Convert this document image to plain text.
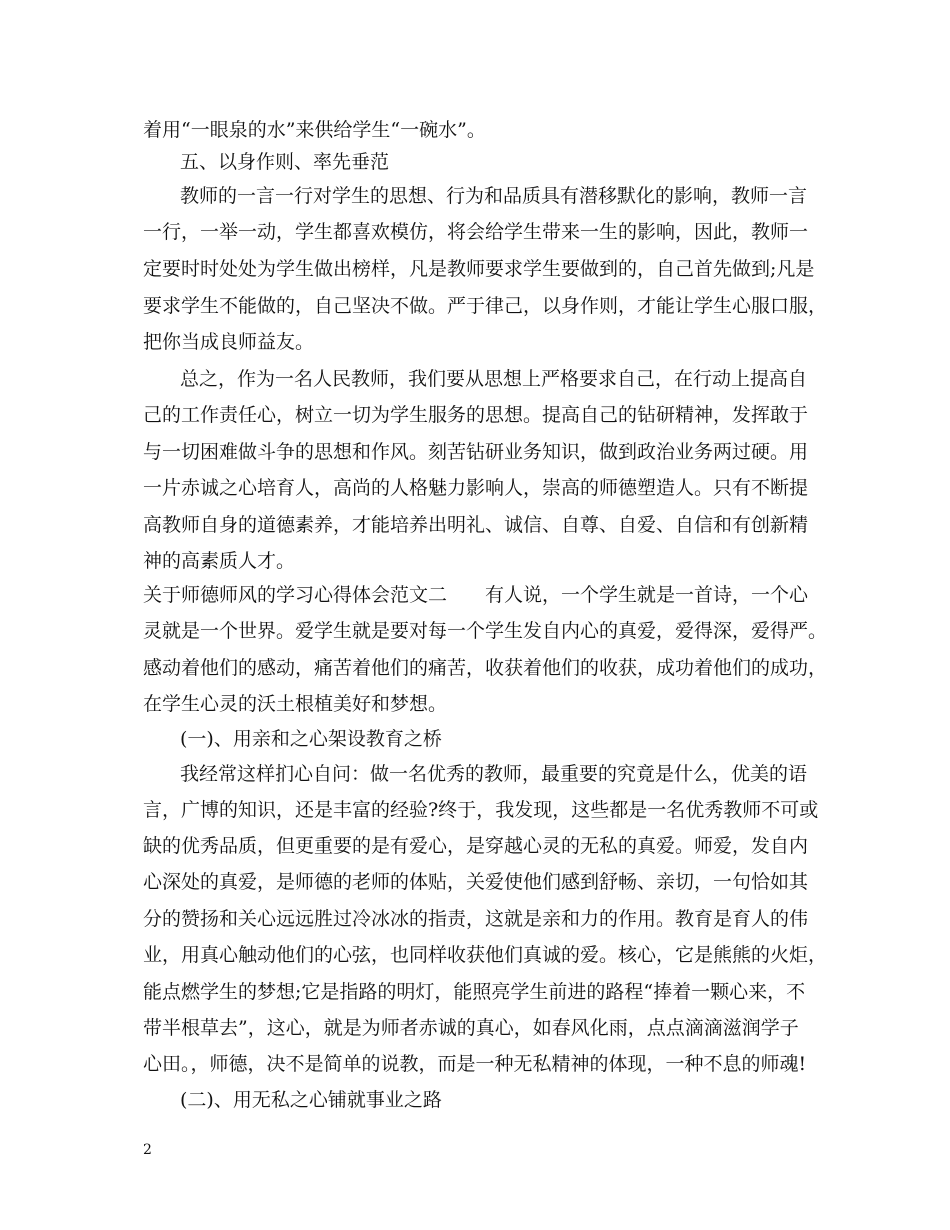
着用“一眼泉的水”来供给学生“一碗水”。
五、以身作则、率先垂范
教师的一言一行对学生的思想、行为和品质具有潜移默化的影响，教师一言
一行，一举一动，学生都喜欢模仿，将会给学生带来一生的影响，因此，教师一
定要时时处处为学生做出榜样，凡是教师要求学生要做到的，自己首先做到;凡是
要求学生不能做的，自己坚决不做。严于律己，以身作则，才能让学生心服口服，
把你当成良师益友。
总之，作为一名人民教师，我们要从思想上严格要求自己，在行动上提高自
己的工作责任心，树立一切为学生服务的思想。提高自己的钻研精神，发挥敢于
与一切困难做斗争的思想和作风。刻苦钻研业务知识，做到政治业务两过硬。用
一片赤诚之心培育人，高尚的人格魅力影响人，崇高的师德塑造人。只有不断提
高教师自身的道德素养，才能培养出明礼、诚信、自尊、自爱、自信和有创新精
神的高素质人才。
关于师德师风的学习心得体会范文二　　有人说，一个学生就是一首诗，一个心
灵就是一个世界。爱学生就是要对每一个学生发自内心的真爱，爱得深，爱得严。
感动着他们的感动，痛苦着他们的痛苦，收获着他们的收获，成功着他们的成功，
在学生心灵的沃土根植美好和梦想。
(一)、用亲和之心架设教育之桥
我经常这样扪心自问：做一名优秀的教师，最重要的究竟是什么，优美的语
言，广博的知识，还是丰富的经验?终于，我发现，这些都是一名优秀教师不可或
缺的优秀品质，但更重要的是有爱心，是穿越心灵的无私的真爱。师爱，发自内
心深处的真爱，是师德的老师的体贴，关爱使他们感到舒畅、亲切，一句恰如其
分的赞扬和关心远远胜过冷冰冰的指责，这就是亲和力的作用。教育是育人的伟
业，用真心触动他们的心弦，也同样收获他们真诚的爱。核心，它是熊熊的火炬，
能点燃学生的梦想;它是指路的明灯，能照亮学生前进的路程“捧着一颗心来，不
带半根草去”，这心，就是为师者赤诚的真心，如春风化雨，点点滴滴滋润学子
心田。，师德，决不是简单的说教，而是一种无私精神的体现，一种不息的师魂!
(二)、用无私之心铺就事业之路
2
